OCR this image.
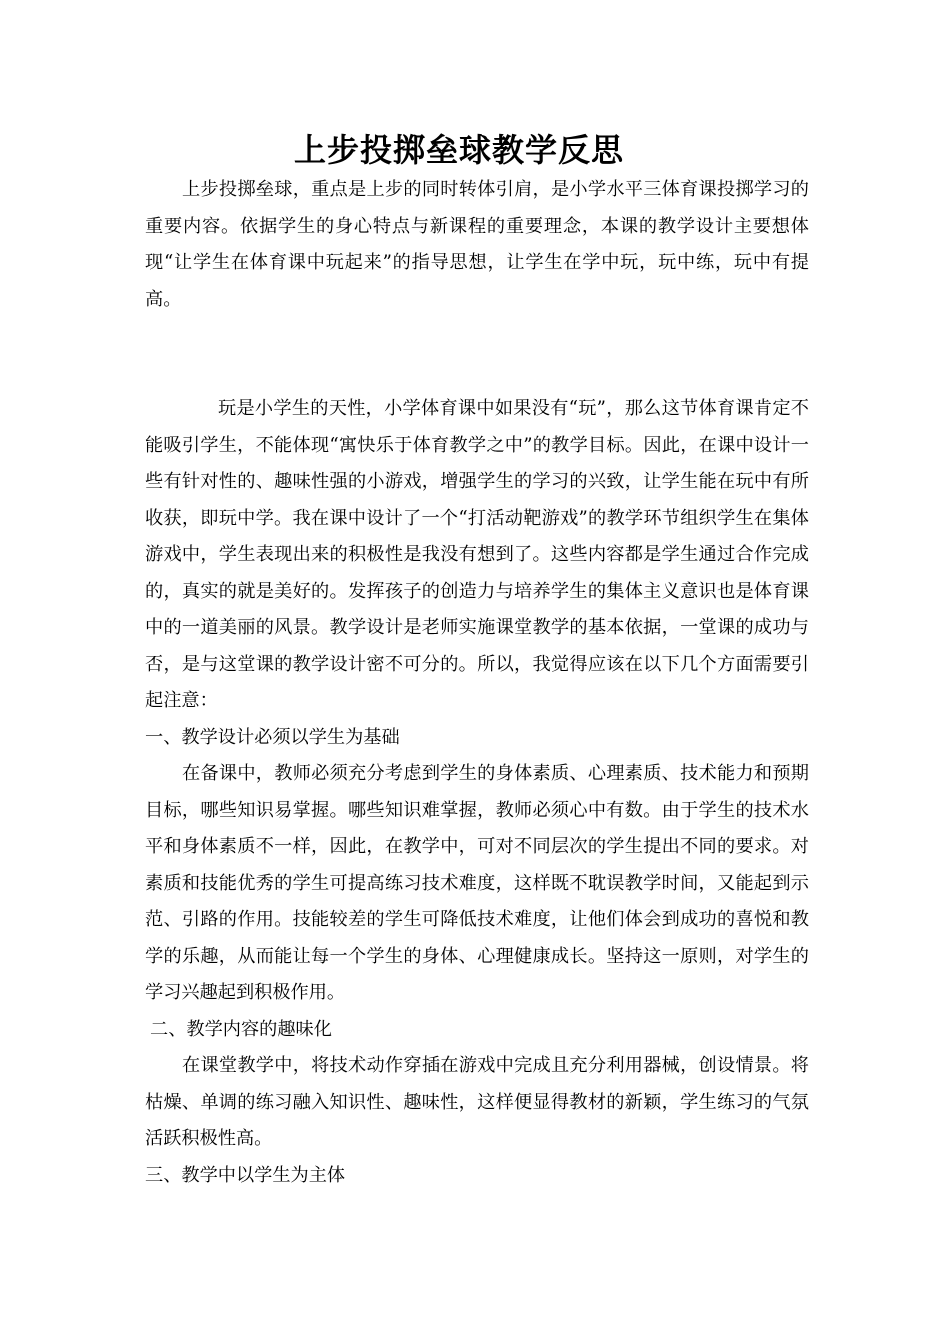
上步投掷垒球教学反思

上步投掷垒球，重点是上步的同时转体引肩，是小学水平三体育课投掷学习的重要内容。依据学生的身心特点与新课程的重要理念，本课的教学设计主要想体现“让学生在体育课中玩起来”的指导思想，让学生在学中玩，玩中练，玩中有提高。

玩是小学生的天性，小学体育课中如果没有“玩”，那么这节体育课肯定不能吸引学生，不能体现“寓快乐于体育教学之中”的教学目标。因此，在课中设计一些有针对性的、趣味性强的小游戏，增强学生的学习的兴致，让学生能在玩中有所收获，即玩中学。我在课中设计了一个“打活动靶游戏”的教学环节组织学生在集体游戏中，学生表现出来的积极性是我没有想到了。这些内容都是学生通过合作完成的，真实的就是美好的。发挥孩子的创造力与培养学生的集体主义意识也是体育课中的一道美丽的风景。教学设计是老师实施课堂教学的基本依据，一堂课的成功与否，是与这堂课的教学设计密不可分的。所以，我觉得应该在以下几个方面需要引起注意：

一、教学设计必须以学生为基础

在备课中，教师必须充分考虑到学生的身体素质、心理素质、技术能力和预期目标，哪些知识易掌握。哪些知识难掌握，教师必须心中有数。由于学生的技术水平和身体素质不一样，因此，在教学中，可对不同层次的学生提出不同的要求。对素质和技能优秀的学生可提高练习技术难度，这样既不耽误教学时间，又能起到示范、引路的作用。技能较差的学生可降低技术难度，让他们体会到成功的喜悦和教学的乐趣，从而能让每一个学生的身体、心理健康成长。坚持这一原则，对学生的学习兴趣起到积极作用。

二、教学内容的趣味化

在课堂教学中，将技术动作穿插在游戏中完成且充分利用器械，创设情景。将枯燥、单调的练习融入知识性、趣味性，这样便显得教材的新颖，学生练习的气氛活跃积极性高。

三、教学中以学生为主体
